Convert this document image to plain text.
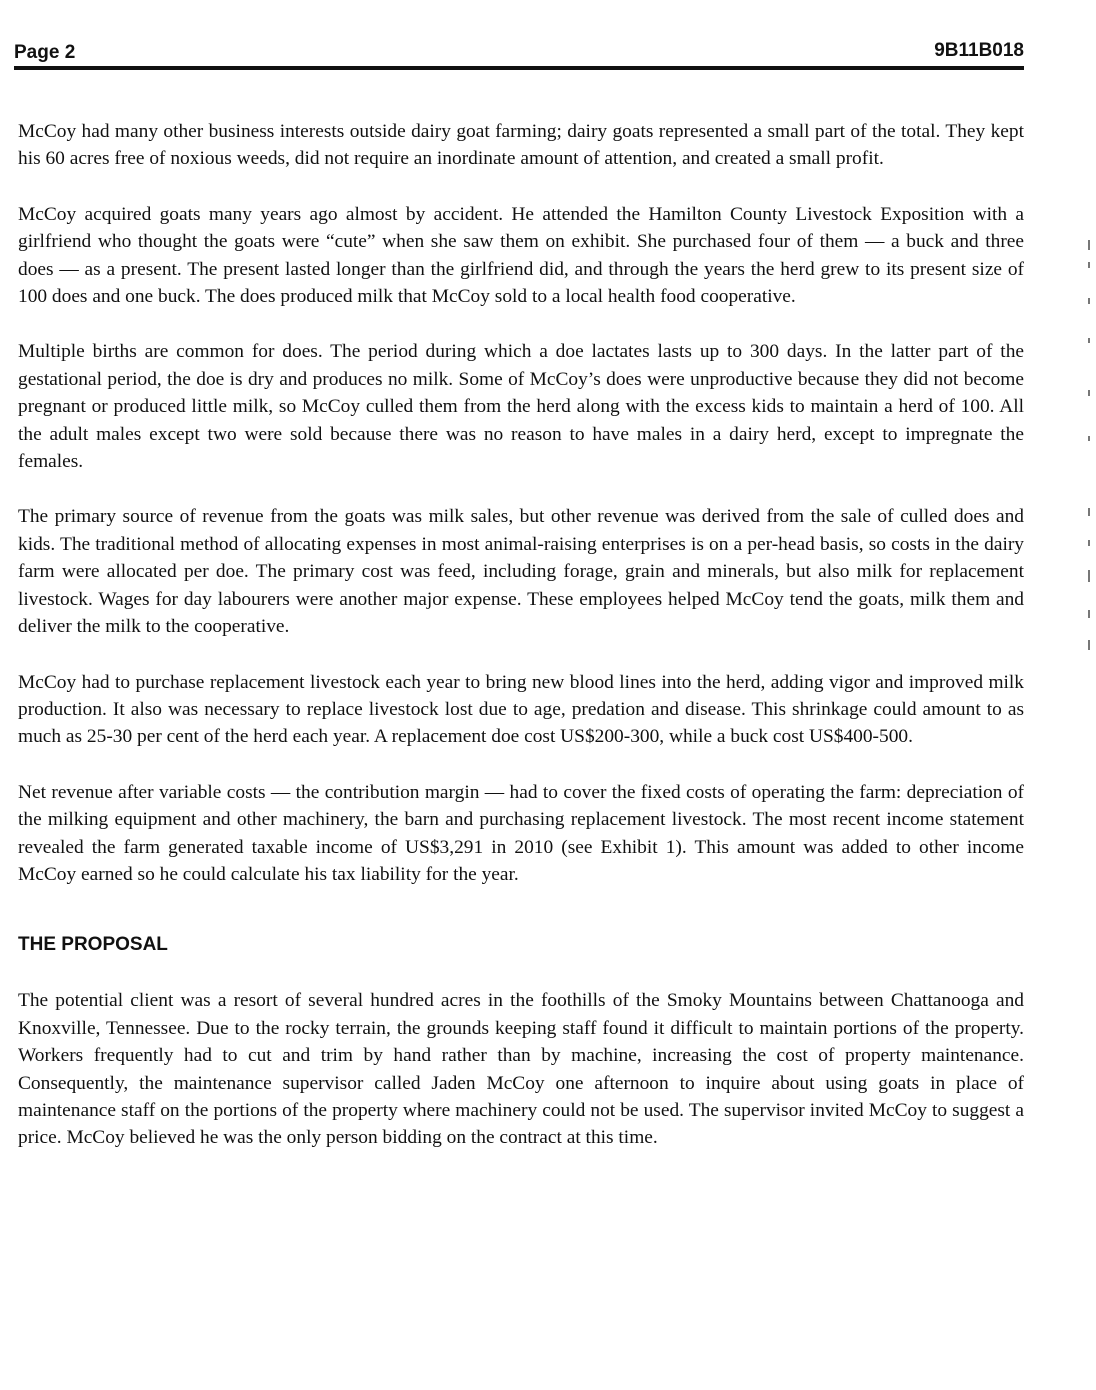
Page 2	9B11B018

McCoy had many other business interests outside dairy goat farming; dairy goats represented a small part of the total. They kept his 60 acres free of noxious weeds, did not require an inordinate amount of attention, and created a small profit.

McCoy acquired goats many years ago almost by accident. He attended the Hamilton County Livestock Exposition with a girlfriend who thought the goats were “cute” when she saw them on exhibit. She purchased four of them — a buck and three does — as a present. The present lasted longer than the girlfriend did, and through the years the herd grew to its present size of 100 does and one buck. The does produced milk that McCoy sold to a local health food cooperative.

Multiple births are common for does. The period during which a doe lactates lasts up to 300 days. In the latter part of the gestational period, the doe is dry and produces no milk. Some of McCoy’s does were unproductive because they did not become pregnant or produced little milk, so McCoy culled them from the herd along with the excess kids to maintain a herd of 100. All the adult males except two were sold because there was no reason to have males in a dairy herd, except to impregnate the females.

The primary source of revenue from the goats was milk sales, but other revenue was derived from the sale of culled does and kids. The traditional method of allocating expenses in most animal-raising enterprises is on a per-head basis, so costs in the dairy farm were allocated per doe. The primary cost was feed, including forage, grain and minerals, but also milk for replacement livestock. Wages for day labourers were another major expense. These employees helped McCoy tend the goats, milk them and deliver the milk to the cooperative.

McCoy had to purchase replacement livestock each year to bring new blood lines into the herd, adding vigor and improved milk production. It also was necessary to replace livestock lost due to age, predation and disease. This shrinkage could amount to as much as 25-30 per cent of the herd each year. A replacement doe cost US$200-300, while a buck cost US$400-500.

Net revenue after variable costs — the contribution margin — had to cover the fixed costs of operating the farm: depreciation of the milking equipment and other machinery, the barn and purchasing replacement livestock. The most recent income statement revealed the farm generated taxable income of US$3,291 in 2010 (see Exhibit 1). This amount was added to other income McCoy earned so he could calculate his tax liability for the year.

THE PROPOSAL

The potential client was a resort of several hundred acres in the foothills of the Smoky Mountains between Chattanooga and Knoxville, Tennessee. Due to the rocky terrain, the grounds keeping staff found it difficult to maintain portions of the property. Workers frequently had to cut and trim by hand rather than by machine, increasing the cost of property maintenance. Consequently, the maintenance supervisor called Jaden McCoy one afternoon to inquire about using goats in place of maintenance staff on the portions of the property where machinery could not be used. The supervisor invited McCoy to suggest a price. McCoy believed he was the only person bidding on the contract at this time.
